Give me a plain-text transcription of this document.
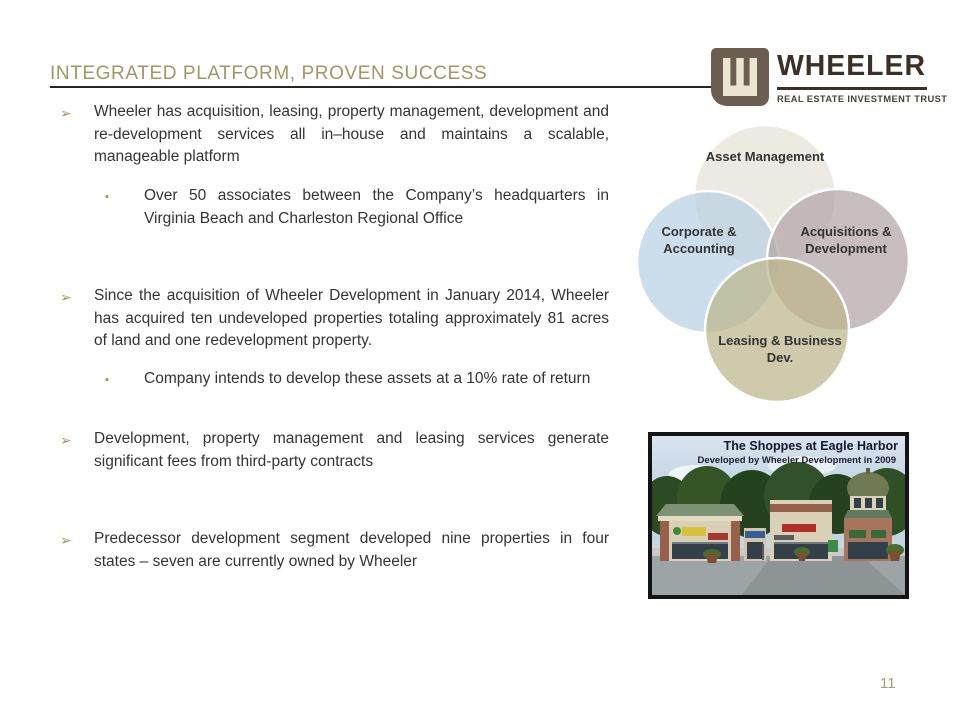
INTEGRATED PLATFORM, PROVEN SUCCESS	WHEELER
REAL ESTATE INVESTMENT TRUST
➢	Wheeler has acquisition, leasing, property management, development and re-development services all in–house and maintains a scalable, manageable platform
▪	Over 50 associates between the Company’s headquarters in Virginia Beach and Charleston Regional Office
➢	Since the acquisition of Wheeler Development in January 2014, Wheeler has acquired ten undeveloped properties totaling approximately 81 acres of land and one redevelopment property.
▪	Company intends to develop these assets at a 10% rate of return
➢	Development, property management and leasing services generate significant fees from third-party contracts
➢	Predecessor development segment developed nine properties in four states – seven are currently owned by Wheeler
Asset Management
Corporate & Accounting
Acquisitions & Development
Leasing & Business Dev.
The Shoppes at Eagle Harbor
Developed by Wheeler Development in 2009
11
